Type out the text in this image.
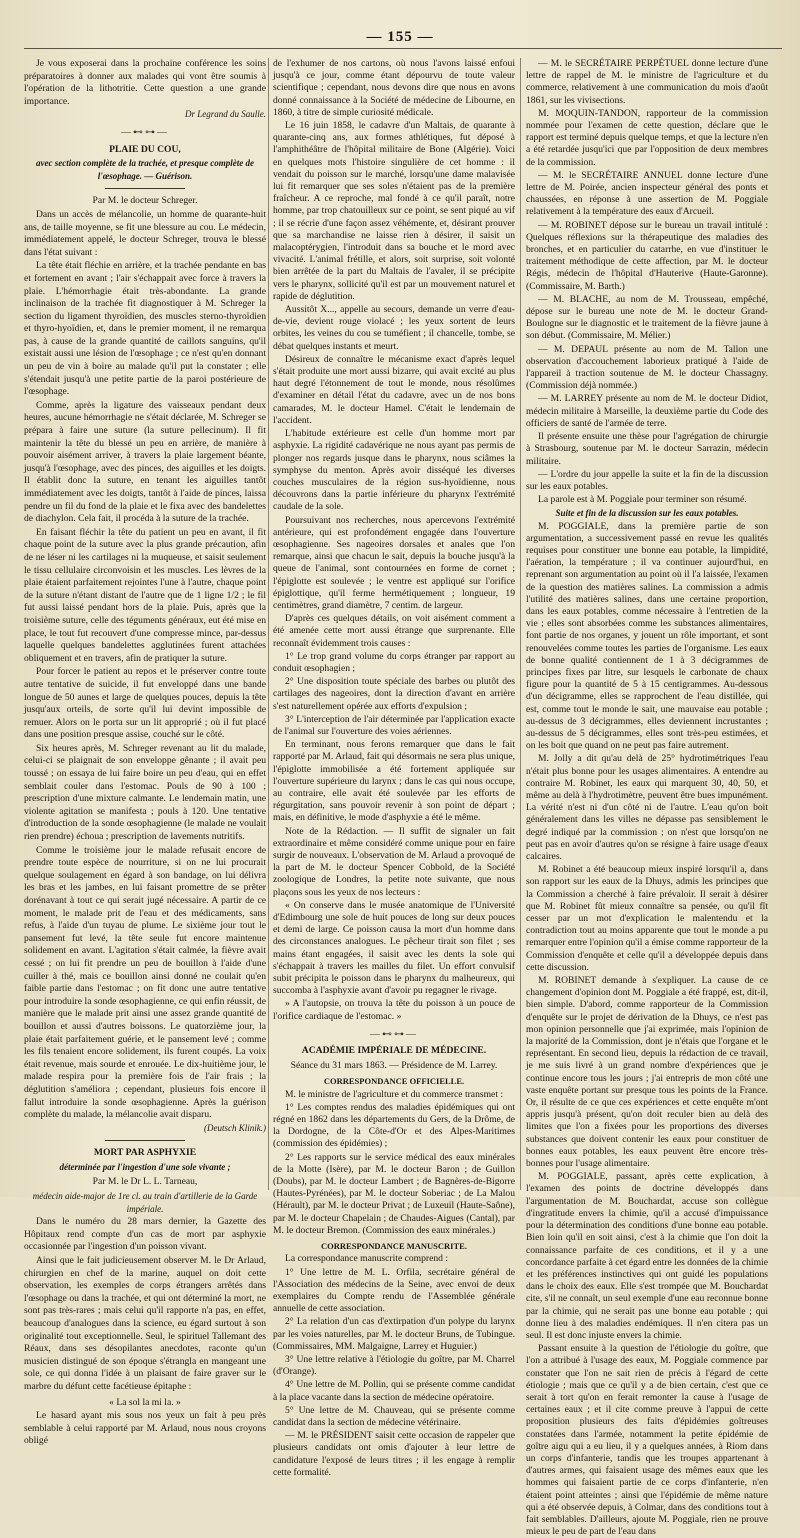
— 155 —

Je vous exposerai dans la prochaine conférence les soins préparatoires à donner aux malades qui vont être soumis à l'opération de la lithotritie. Cette question a une grande importance.

Dr Legrand du Saulle.
—⊷⊶—
PLAIE DU COU,
avec section complète de la trachée, et presque complète de l'œsophage. — Guérison.
Par M. le docteur Schreger.

Dans un accès de mélancolie, un homme de quarante-huit ans, de taille moyenne, se fit une blessure au cou. Le médecin, immédiatement appelé, le docteur Schreger, trouva le blessé dans l'état suivant :

La tête était fléchie en arrière, et la trachée pendante en bas et fortement en avant ; l'air s'échappait avec force à travers la plaie. L'hémorrhagie était très-abondante. La grande inclinaison de la trachée fit diagnostiquer à M. Schreger la section du ligament thyroïdien, des muscles sterno-thyroïdien et thyro-hyoïdien, et, dans le premier moment, il ne remarqua pas, à cause de la grande quantité de caillots sanguins, qu'il existait aussi une lésion de l'œsophage ; ce n'est qu'en donnant un peu de vin à boire au malade qu'il put la constater ; elle s'étendait jusqu'à une petite partie de la paroi postérieure de l'œsophage.

Comme, après la ligature des vaisseaux pendant deux heures, aucune hémorrhagie ne s'était déclarée, M. Schreger se prépara à faire une suture (la suture pellecinum). Il fit maintenir la tête du blessé un peu en arrière, de manière à pouvoir aisément arriver, à travers la plaie largement béante, jusqu'à l'œsophage, avec des pinces, des aiguilles et les doigts. Il établit donc la suture, en tenant les aiguilles tantôt immédiatement avec les doigts, tantôt à l'aide de pinces, laissa pendre un fil du fond de la plaie et le fixa avec des bandelettes de diachylon. Cela fait, il procéda à la suture de la trachée.

En faisant fléchir la tête du patient un peu en avant, il fit chaque point de la suture avec la plus grande précaution, afin de ne léser ni les cartilages ni la muqueuse, et saisit seulement le tissu cellulaire circonvoisin et les muscles. Les lèvres de la plaie étaient parfaitement rejointes l'une à l'autre, chaque point de la suture n'étant distant de l'autre que de 1 ligne 1/2 ; le fil fut aussi laissé pendant hors de la plaie. Puis, après que la troisième suture, celle des téguments généraux, eut été mise en place, le tout fut recouvert d'une compresse mince, par-dessus laquelle quelques bandelettes agglutinées furent attachées obliquement et en travers, afin de pratiquer la suture.

Pour forcer le patient au repos et le préserver contre toute autre tentative de suicide, il fut enveloppé dans une bande longue de 50 aunes et large de quelques pouces, depuis la tête jusqu'aux orteils, de sorte qu'il lui devint impossible de remuer. Alors on le porta sur un lit approprié ; où il fut placé dans une position presque assise, couché sur le côté.

Six heures après, M. Schreger revenant au lit du malade, celui-ci se plaignait de son enveloppe gênante ; il avait peu toussé ; on essaya de lui faire boire un peu d'eau, qui en effet semblait couler dans l'estomac. Pouls de 90 à 100 ; prescription d'une mixture calmante. Le lendemain matin, une violente agitation se manifesta ; pouls à 120. Une tentative d'introduction de la sonde œsophagienne (le malade ne voulait rien prendre) échoua ; prescription de lavements nutritifs.

Comme le troisième jour le malade refusait encore de prendre toute espèce de nourriture, si on ne lui procurait quelque soulagement en égard à son bandage, on lui délivra les bras et les jambes, en lui faisant promettre de se prêter dorénavant à tout ce qui serait jugé nécessaire. A partir de ce moment, le malade prit de l'eau et des médicaments, sans refus, à l'aide d'un tuyau de plume. Le sixième jour tout le pansement fut levé, la tête seule fut encore maintenue solidement en avant. L'agitation s'était calmée, la fièvre avait cessé ; on lui fit prendre un peu de bouillon à l'aide d'une cuiller à thé, mais ce bouillon ainsi donné ne coulait qu'en faible partie dans l'estomac ; on fit donc une autre tentative pour introduire la sonde œsophagienne, ce qui enfin réussit, de manière que le malade prit ainsi une assez grande quantité de bouillon et aussi d'autres boissons. Le quatorzième jour, la plaie était parfaitement guérie, et le pansement levé ; comme les fils tenaient encore solidement, ils furent coupés. La voix était revenue, mais sourde et enrouée. Le dix-huitième jour, le malade respira pour la première fois de l'air frais ; la déglutition s'améliora ; cependant, plusieurs fois encore il fallut introduire la sonde œsophagienne. Après la guérison complète du malade, la mélancolie avait disparu.

(Deutsch Klinik.)
MORT PAR ASPHYXIE
déterminée par l'ingestion d'une sole vivante ;
Par M. le Dr L. L. Tarneau,
médecin aide-major de 1re cl. au train d'artillerie de la Garde impériale.

Dans le numéro du 28 mars dernier, la Gazette des Hôpitaux rend compte d'un cas de mort par asphyxie occasionnée par l'ingestion d'un poisson vivant.

Ainsi que le fait judicieusement observer M. le Dr Arlaud, chirurgien en chef de la marine, auquel on doit cette observation, les exemples de corps étrangers arrêtés dans l'œsophage ou dans la trachée, et qui ont déterminé la mort, ne sont pas très-rares ; mais celui qu'il rapporte n'a pas, en effet, beaucoup d'analogues dans la science, eu égard surtout à son originalité tout exceptionnelle. Seul, le spirituel Tallemant des Réaux, dans ses désopilantes anecdotes, raconte qu'un musicien distingué de son époque s'étrangla en mangeant une sole, ce qui donna l'idée à un plaisant de faire graver sur le marbre du défunt cette facétieuse épitaphe :

« La sol la mi la. »

Le hasard ayant mis sous nos yeux un fait à peu près semblable à celui rapporté par M. Arlaud, nous nous croyons obligé

de l'exhumer de nos cartons, où nous l'avons laissé enfoui jusqu'à ce jour, comme étant dépourvu de toute valeur scientifique ; cependant, nous devons dire que nous en avons donné connaissance à la Société de médecine de Libourne, en 1860, à titre de simple curiosité médicale.

Le 16 juin 1858, le cadavre d'un Maltais, de quarante à quarante-cinq ans, aux formes athlétiques, fut déposé à l'amphithéâtre de l'hôpital militaire de Bone (Algérie). Voici en quelques mots l'histoire singulière de cet homme : il vendait du poisson sur le marché, lorsqu'une dame malavisée lui fit remarquer que ses soles n'étaient pas de la première fraîcheur. A ce reproche, mal fondé à ce qu'il paraît, notre homme, par trop chatouilleux sur ce point, se sent piqué au vif ; il se récrie d'une façon assez véhémente, et, désirant prouver que sa marchandise ne laisse rien à désirer, il saisit un malacoptérygien, l'introduit dans sa bouche et le mord avec vivacité. L'animal frétille, et alors, soit surprise, soit volonté bien arrêtée de la part du Maltais de l'avaler, il se précipite vers le pharynx, sollicité qu'il est par un mouvement naturel et rapide de déglutition.

Aussitôt X..., appelle au secours, demande un verre d'eau-de-vie, devient rouge violacé ; les yeux sortent de leurs orbites, les veines du cou se tuméfient ; il chancelle, tombe, se débat quelques instants et meurt.

Désireux de connaître le mécanisme exact d'après lequel s'était produite une mort aussi bizarre, qui avait excité au plus haut degré l'étonnement de tout le monde, nous résolûmes d'examiner en détail l'état du cadavre, avec un de nos bons camarades, M. le docteur Hamel. C'était le lendemain de l'accident.

L'habitude extérieure est celle d'un homme mort par asphyxie. La rigidité cadavérique ne nous ayant pas permis de plonger nos regards jusque dans le pharynx, nous sciâmes la symphyse du menton. Après avoir disséqué les diverses couches musculaires de la région sus-hyoïdienne, nous découvrons dans la partie inférieure du pharynx l'extrémité caudale de la sole.

Poursuivant nos recherches, nous apercevons l'extrémité antérieure, qui est profondément engagée dans l'ouverture œsophagienne. Ses nageoires dorsales et anales que l'on remarque, ainsi que chacun le sait, depuis la bouche jusqu'à la queue de l'animal, sont contournées en forme de cornet ; l'épiglotte est soulevée ; le ventre est appliqué sur l'orifice épiglottique, qu'il ferme hermétiquement ; longueur, 19 centimètres, grand diamètre, 7 centim. de largeur.

D'après ces quelques détails, on voit aisément comment a été amenée cette mort aussi étrange que surprenante. Elle reconnaît évidemment trois causes :

1° Le trop grand volume du corps étranger par rapport au conduit œsophagien ;

2° Une disposition toute spéciale des barbes ou plutôt des cartilages des nageoires, dont la direction d'avant en arrière s'est naturellement opérée aux efforts d'expulsion ;

3° L'interception de l'air déterminée par l'application exacte de l'animal sur l'ouverture des voies aériennes.

En terminant, nous ferons remarquer que dans le fait rapporté par M. Arlaud, fait qui désormais ne sera plus unique, l'épiglotte immobilisée a été fortement appliquée sur l'ouverture supérieure du larynx ; dans le cas qui nous occupe, au contraire, elle avait été soulevée par les efforts de régurgitation, sans pouvoir revenir à son point de départ ; mais, en définitive, le mode d'asphyxie a été le même.

Note de la Rédaction. — Il suffit de signaler un fait extraordinaire et même considéré comme unique pour en faire surgir de nouveaux. L'observation de M. Arlaud a provoqué de la part de M. le docteur Spencer Cobbold, de la Société zoologique de Londres, la petite note suivante, que nous plaçons sous les yeux de nos lecteurs :

« On conserve dans le musée anatomique de l'Université d'Edimbourg une sole de huit pouces de long sur deux pouces et demi de large. Ce poisson causa la mort d'un homme dans des circonstances analogues. Le pêcheur tirait son filet ; ses mains étant engagées, il saisit avec les dents la sole qui s'échappait à travers les mailles du filet. Un effort convulsif subit précipita le poisson dans le pharynx du malheureux, qui succomba à l'asphyxie avant d'avoir pu regagner le rivage.

» A l'autopsie, on trouva la tête du poisson à un pouce de l'orifice cardiaque de l'estomac. »

—⊷⊶—
ACADÉMIE IMPÉRIALE DE MÉDECINE.
Séance du 31 mars 1863. — Présidence de M. Larrey.
CORRESPONDANCE OFFICIELLE.

M. le ministre de l'agriculture et du commerce transmet :

1° Les comptes rendus des maladies épidémiques qui ont régné en 1862 dans les départements du Gers, de la Drôme, de la Dordogne, de la Côte-d'Or et des Alpes-Maritimes (commission des épidémies) ;

2° Les rapports sur le service médical des eaux minérales de la Motte (Isère), par M. le docteur Baron ; de Guillon (Doubs), par M. le docteur Lambert ; de Bagnères-de-Bigorre (Hautes-Pyrénées), par M. le docteur Soberiac ; de La Malou (Hérault), par M. le docteur Privat ; de Luxeuil (Haute-Saône), par M. le docteur Chapelain ; de Chaudes-Aigues (Cantal), par M. le docteur Bremon. (Commission des eaux minérales.)

CORRESPONDANCE MANUSCRITE.

La correspondance manuscrite comprend :

1° Une lettre de M. L. Orfila, secrétaire général de l'Association des médecins de la Seine, avec envoi de deux exemplaires du Compte rendu de l'Assemblée générale annuelle de cette association.

2° La relation d'un cas d'extirpation d'un polype du larynx par les voies naturelles, par M. le docteur Bruns, de Tubingue. (Commissaires, MM. Malgaigne, Larrey et Huguier.)

3° Une lettre relative à l'étiologie du goître, par M. Charrel (d'Orange).

4° Une lettre de M. Pollin, qui se présente comme candidat à la place vacante dans la section de médecine opératoire.

5° Une lettre de M. Chauveau, qui se présente comme candidat dans la section de médecine vétérinaire.

— M. le PRÉSIDENT saisit cette occasion de rappeler que plusieurs candidats ont omis d'ajouter à leur lettre de candidature l'exposé de leurs titres ; il les engage à remplir cette formalité.

— M. le SECRÉTAIRE PERPÉTUEL donne lecture d'une lettre de rappel de M. le ministre de l'agriculture et du commerce, relativement à une communication du mois d'août 1861, sur les vivisections.

M. MOQUIN-TANDON, rapporteur de la commission nommée pour l'examen de cette question, déclare que le rapport est terminé depuis quelque temps, et que la lecture n'en a été retardée jusqu'ici que par l'opposition de deux membres de la commission.

— M. le SECRÉTAIRE ANNUEL donne lecture d'une lettre de M. Poirée, ancien inspecteur général des ponts et chaussées, en réponse à une assertion de M. Poggiale relativement à la température des eaux d'Arcueil.

— M. ROBINET dépose sur le bureau un travail intitulé : Quelques réflexions sur la thérapeutique des maladies des bronches, et en particulier du catarrhe, en vue d'instituer le traitement méthodique de cette affection, par M. le docteur Régis, médecin de l'hôpital d'Hauterive (Haute-Garonne). (Commissaire, M. Barth.)

— M. BLACHE, au nom de M. Trousseau, empêché, dépose sur le bureau une note de M. le docteur Grand-Boulogne sur le diagnostic et le traitement de la fièvre jaune à son début. (Commissaire, M. Mélier.)

— M. DEPAUL présente au nom de M. Tallon une observation d'accouchement laborieux pratiqué à l'aide de l'appareil à traction soutenue de M. le docteur Chassagny. (Commission déjà nommée.)

— M. LARREY présente au nom de M. le docteur Didiot, médecin militaire à Marseille, la deuxième partie du Code des officiers de santé de l'armée de terre.

Il présente ensuite une thèse pour l'agrégation de chirurgie à Strasbourg, soutenue par M. le docteur Sarrazin, médecin militaire.

— L'ordre du jour appelle la suite et la fin de la discussion sur les eaux potables.

La parole est à M. Poggiale pour terminer son résumé.

Suite et fin de la discussion sur les eaux potables.

M. POGGIALE, dans la première partie de son argumentation, a successivement passé en revue les qualités requises pour constituer une bonne eau potable, la limpidité, l'aération, la température ; il va continuer aujourd'hui, en reprenant son argumentation au point où il l'a laissée, l'examen de la question des matières salines. La commission a admis l'utilité des matières salines, dans une certaine proportion, dans les eaux potables, comme nécessaire à l'entretien de la vie ; elles sont absorbées comme les substances alimentaires, font partie de nos organes, y jouent un rôle important, et sont renouvelées comme toutes les parties de l'organisme. Les eaux de bonne qualité contiennent de 1 à 3 décigrammes de principes fixes par litre, sur lesquels le carbonate de chaux figure pour la quantité de 5 à 15 centigrammes. Au-dessous d'un décigramme, elles se rapprochent de l'eau distillée, qui est, comme tout le monde le sait, une mauvaise eau potable ; au-dessus de 3 décigrammes, elles deviennent incrustantes ; au-dessus de 5 décigrammes, elles sont très-peu estimées, et on les boit que quand on ne peut pas faire autrement.

M. Jolly a dit qu'au delà de 25° hydrotimétriques l'eau n'était plus bonne pour les usages alimentaires. A entendre au contraire M. Robinet, les eaux qui marquent 30, 40, 50, et même au delà à l'hydrotimètre, peuvent être bues impunément. La vérité n'est ni d'un côté ni de l'autre. L'eau qu'on boit généralement dans les villes ne dépasse pas sensiblement le degré indiqué par la commission ; on n'est que lorsqu'on ne peut pas en avoir d'autres qu'on se résigne à faire usage d'eaux calcaires.

M. Robinet a été beaucoup mieux inspiré lorsqu'il a, dans son rapport sur les eaux de la Dhuys, admis les principes que la Commission a cherché à faire prévaloir. Il serait à désirer que M. Robinet fût mieux connaître sa pensée, ou qu'il fît cesser par un mot d'explication le malentendu et la contradiction tout au moins apparente que tout le monde a pu remarquer entre l'opinion qu'il a émise comme rapporteur de la Commission d'enquête et celle qu'il a développée depuis dans cette discussion.

M. ROBINET demande à s'expliquer. La cause de ce changement d'opinion dont M. Poggiale a été frappé, est, dit-il, bien simple. D'abord, comme rapporteur de la Commission d'enquête sur le projet de dérivation de la Dhuys, ce n'est pas mon opinion personnelle que j'ai exprimée, mais l'opinion de la majorité de la Commission, dont je n'étais que l'organe et le représentant. En second lieu, depuis la rédaction de ce travail, je me suis livré à un grand nombre d'expériences que je continue encore tous les jours ; j'ai entrepris de mon côté une vaste enquête portant sur presque tous les points de la France. Or, il résulte de ce que ces expériences et cette enquête m'ont appris jusqu'à présent, qu'on doit reculer bien au delà des limites que l'on a fixées pour les proportions des diverses substances que doivent contenir les eaux pour constituer de bonnes eaux potables, les eaux peuvent être encore très-bonnes pour l'usage alimentaire.

M. POGGIALE, passant, après cette explication, à l'examen des points de doctrine développés dans l'argumentation de M. Bouchardat, accuse son collègue d'ingratitude envers la chimie, qu'il a accusé d'impuissance pour la détermination des conditions d'une bonne eau potable. Bien loin qu'il en soit ainsi, c'est à la chimie que l'on doit la connaissance parfaite de ces conditions, et il y a une concordance parfaite à cet égard entre les données de la chimie et les préférences instinctives qui ont guidé les populations dans le choix des eaux. Elle s'est trompée que M. Bouchardat cite, s'il ne connaît, un seul exemple d'une eau reconnue bonne par la chimie, qui ne serait pas une bonne eau potable ; qui donne lieu à des maladies endémiques. Il n'en citera pas un seul. Il est donc injuste envers la chimie.

Passant ensuite à la question de l'étiologie du goître, que l'on a attribué à l'usage des eaux, M. Poggiale commence par constater que l'on ne sait rien de précis à l'égard de cette étiologie ; mais que ce qu'il y a de bien certain, c'est que ce serait à tort qu'on en ferait remonter la cause à l'usage de certaines eaux ; et il cite comme preuve à l'appui de cette proposition plusieurs des faits d'épidémies goîtreuses constatées dans l'armée, notamment la petite épidémie de goître aigu qui a eu lieu, il y a quelques années, à Riom dans un corps d'infanterie, tandis que les troupes appartenant à d'autres armes, qui faisaient usage des mêmes eaux que les hommes qui faisaient partie de ce corps d'infanterie, n'en étaient point atteintes ; ainsi que l'épidémie de même nature qui a été observée depuis, à Colmar, dans des conditions tout à fait semblables. D'ailleurs, ajoute M. Poggiale, rien ne prouve mieux le peu de part de l'eau dans
